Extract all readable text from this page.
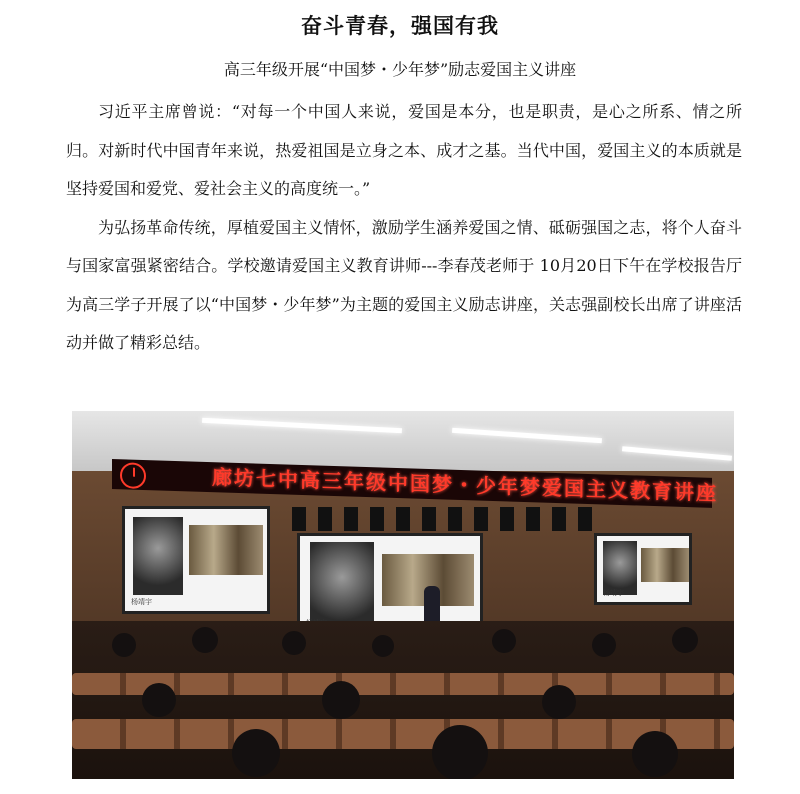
奋斗青春，强国有我
高三年级开展“中国梦・少年梦”励志爱国主义讲座

习近平主席曾说：“对每一个中国人来说，爱国是本分，也是职责，是心之所系、情之所归。对新时代中国青年来说，热爱祖国是立身之本、成才之基。当代中国，爱国主义的本质就是坚持爱国和爱党、爱社会主义的高度统一。”

为弘扬革命传统，厚植爱国主义情怀，激励学生涵养爱国之情、砥砺强国之志，将个人奋斗与国家富强紧密结合。学校邀请爱国主义教育讲师---李春茂老师于 10月20日下午在学校报告厅为高三学子开展了以“中国梦・少年梦”为主题的爱国主义励志讲座，关志强副校长出席了讲座活动并做了精彩总结。

廊坊七中高三年级中国梦・少年梦爱国主义教育讲座
杨靖宇
杨靖宇
